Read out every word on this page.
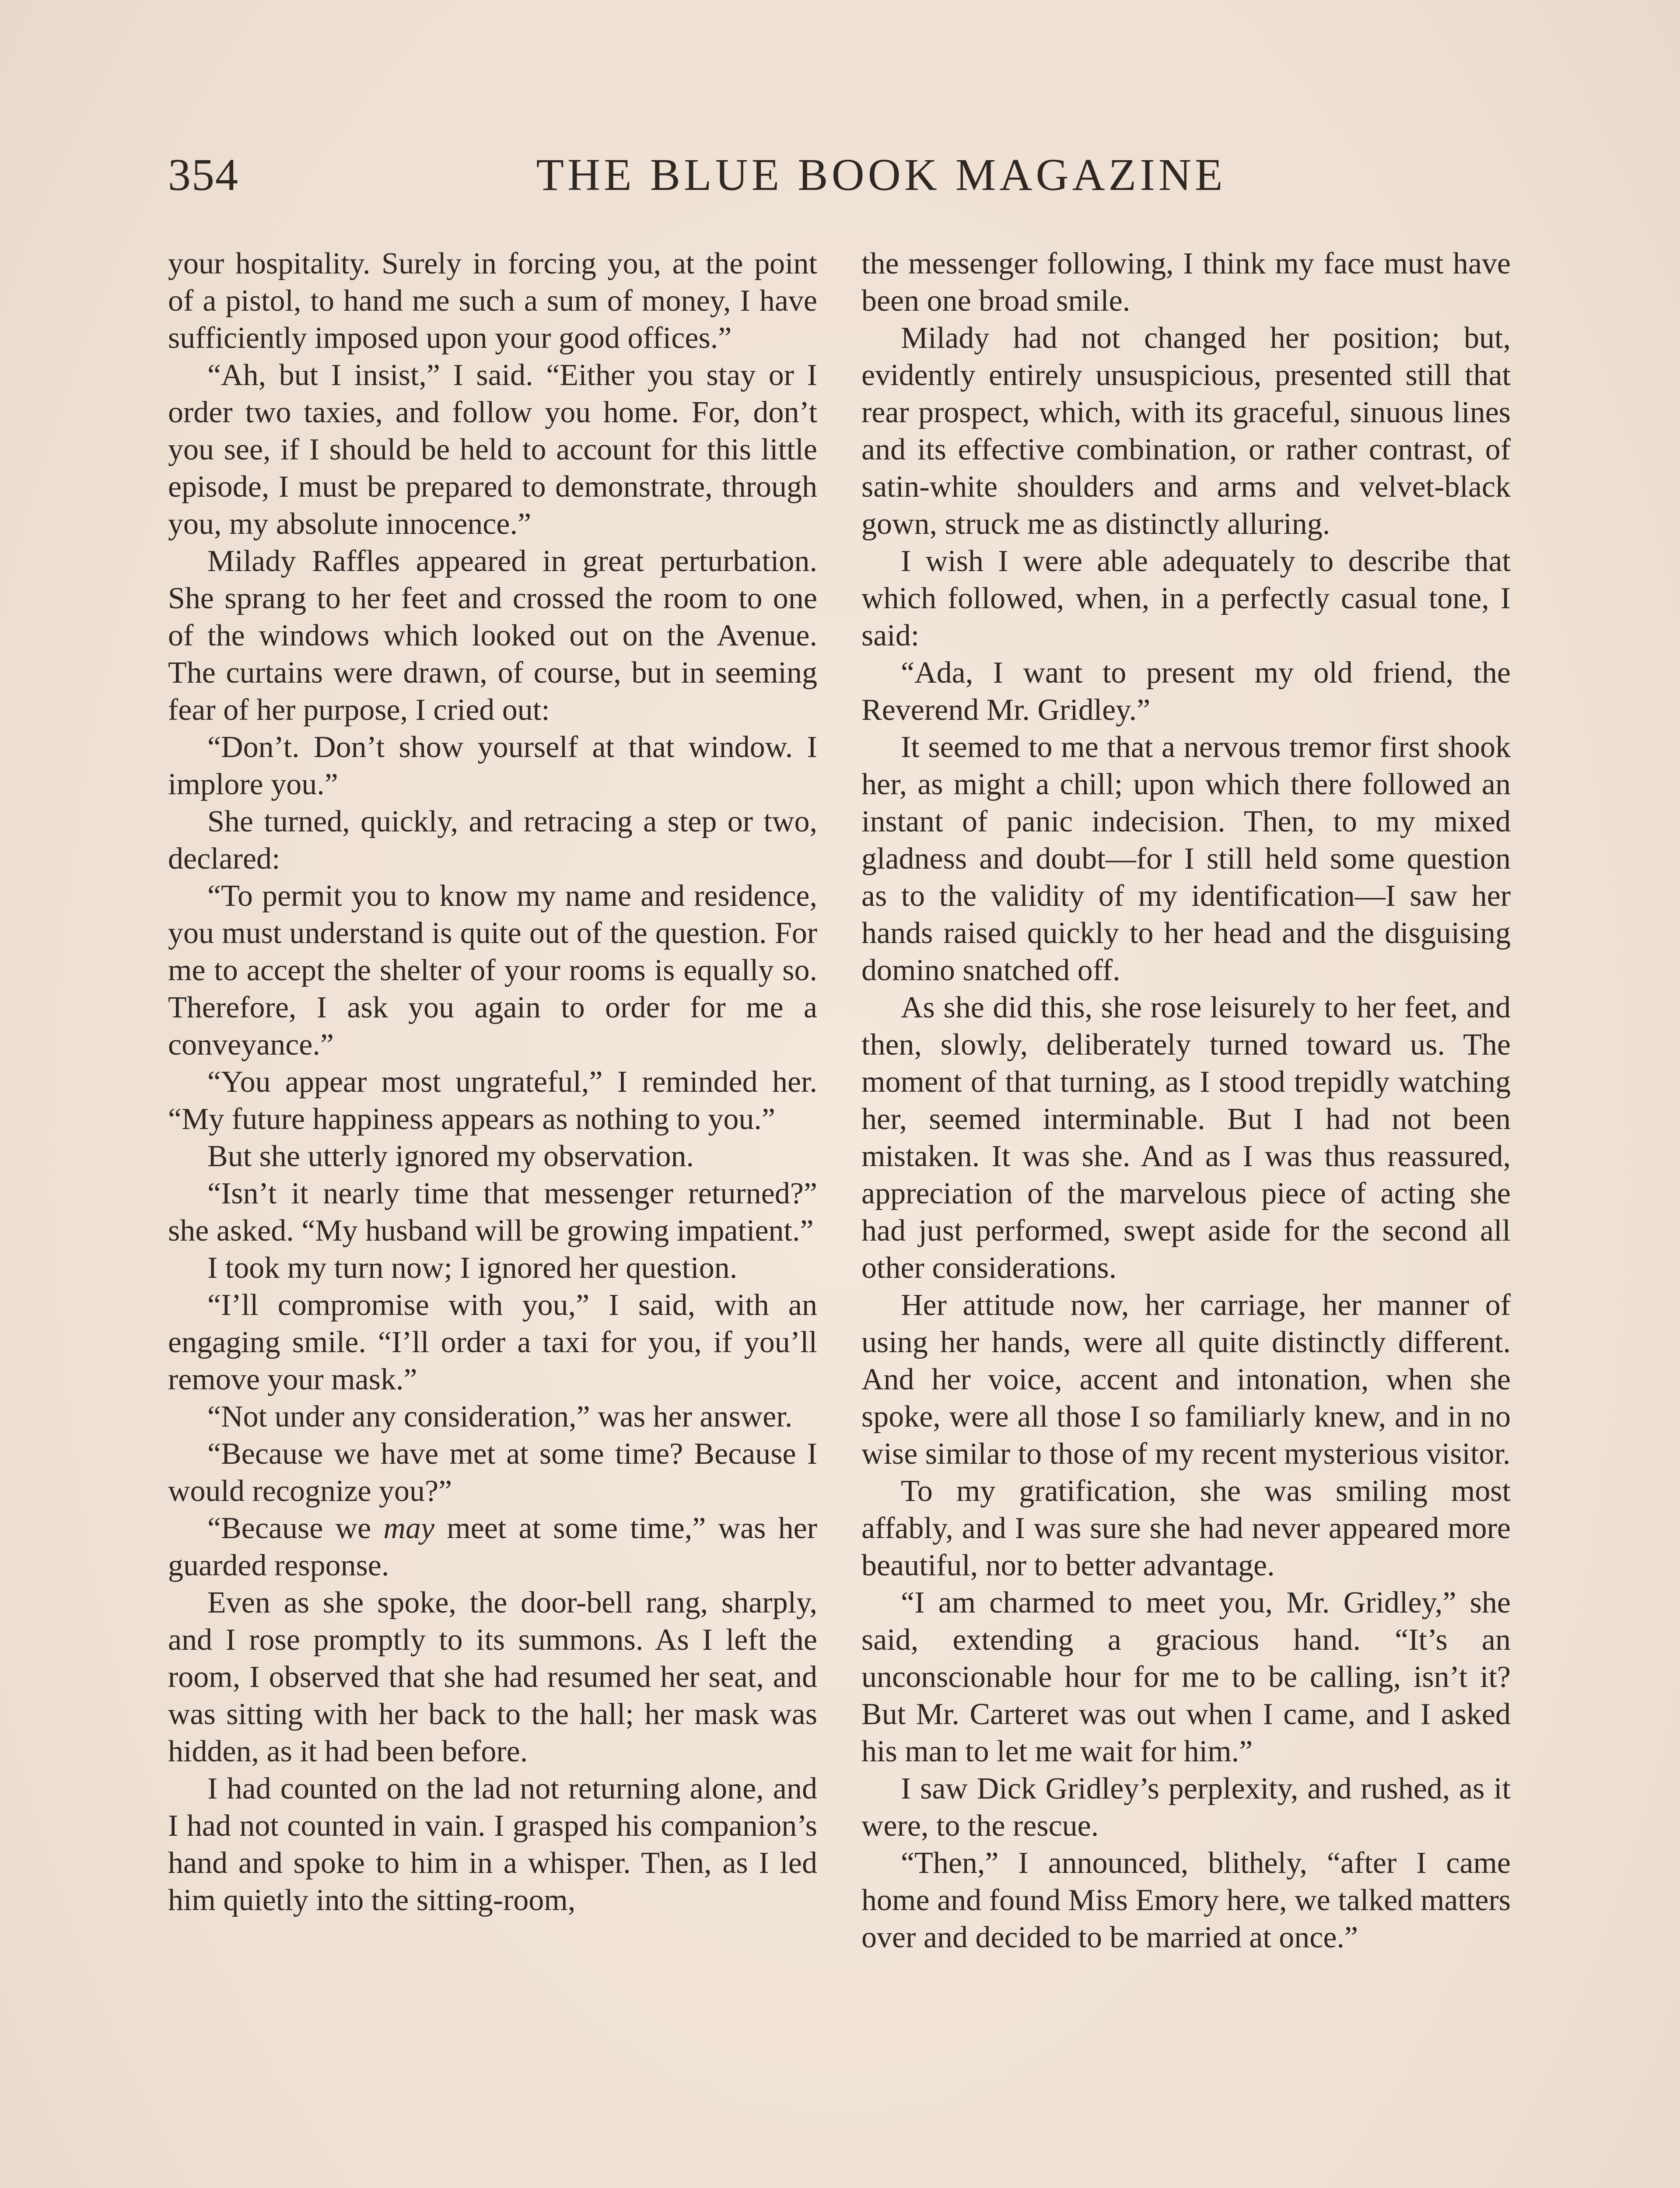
354	THE BLUE BOOK MAGAZINE

your hospitality. Surely in forcing you, at the point of a pistol, to hand me such a sum of money, I have sufficiently imposed upon your good offices.”

“Ah, but I insist,” I said. “Either you stay or I order two taxies, and follow you home. For, don’t you see, if I should be held to account for this little episode, I must be prepared to demonstrate, through you, my absolute innocence.”

Milady Raffles appeared in great perturbation. She sprang to her feet and crossed the room to one of the windows which looked out on the Avenue. The curtains were drawn, of course, but in seeming fear of her purpose, I cried out:

“Don’t. Don’t show yourself at that window. I implore you.”

She turned, quickly, and retracing a step or two, declared:

“To permit you to know my name and residence, you must understand is quite out of the question. For me to accept the shelter of your rooms is equally so. Therefore, I ask you again to order for me a conveyance.”

“You appear most ungrateful,” I reminded her. “My future happiness appears as nothing to you.”

But she utterly ignored my observation.

“Isn’t it nearly time that messenger returned?” she asked. “My husband will be growing impatient.”

I took my turn now; I ignored her question.

“I’ll compromise with you,” I said, with an engaging smile. “I’ll order a taxi for you, if you’ll remove your mask.”

“Not under any consideration,” was her answer.

“Because we have met at some time? Because I would recognize you?”

“Because we may meet at some time,” was her guarded response.

Even as she spoke, the door-bell rang, sharply, and I rose promptly to its summons. As I left the room, I observed that she had resumed her seat, and was sitting with her back to the hall; her mask was hidden, as it had been before.

I had counted on the lad not returning alone, and I had not counted in vain. I grasped his companion’s hand and spoke to him in a whisper. Then, as I led him quietly into the sitting-room,

the messenger following, I think my face must have been one broad smile.

Milady had not changed her position; but, evidently entirely unsuspicious, presented still that rear prospect, which, with its graceful, sinuous lines and its effective combination, or rather contrast, of satin-white shoulders and arms and velvet-black gown, struck me as distinctly alluring.

I wish I were able adequately to describe that which followed, when, in a perfectly casual tone, I said:

“Ada, I want to present my old friend, the Reverend Mr. Gridley.”

It seemed to me that a nervous tremor first shook her, as might a chill; upon which there followed an instant of panic indecision. Then, to my mixed gladness and doubt—for I still held some question as to the validity of my identification—I saw her hands raised quickly to her head and the disguising domino snatched off.

As she did this, she rose leisurely to her feet, and then, slowly, deliberately turned toward us. The moment of that turning, as I stood trepidly watching her, seemed interminable. But I had not been mistaken. It was she. And as I was thus reassured, appreciation of the marvelous piece of acting she had just performed, swept aside for the second all other considerations.

Her attitude now, her carriage, her manner of using her hands, were all quite distinctly different. And her voice, accent and intonation, when she spoke, were all those I so familiarly knew, and in no wise similar to those of my recent mysterious visitor.

To my gratification, she was smiling most affably, and I was sure she had never appeared more beautiful, nor to better advantage.

“I am charmed to meet you, Mr. Gridley,” she said, extending a gracious hand. “It’s an unconscionable hour for me to be calling, isn’t it? But Mr. Carteret was out when I came, and I asked his man to let me wait for him.”

I saw Dick Gridley’s perplexity, and rushed, as it were, to the rescue.

“Then,” I announced, blithely, “after I came home and found Miss Emory here, we talked matters over and decided to be married at once.”
